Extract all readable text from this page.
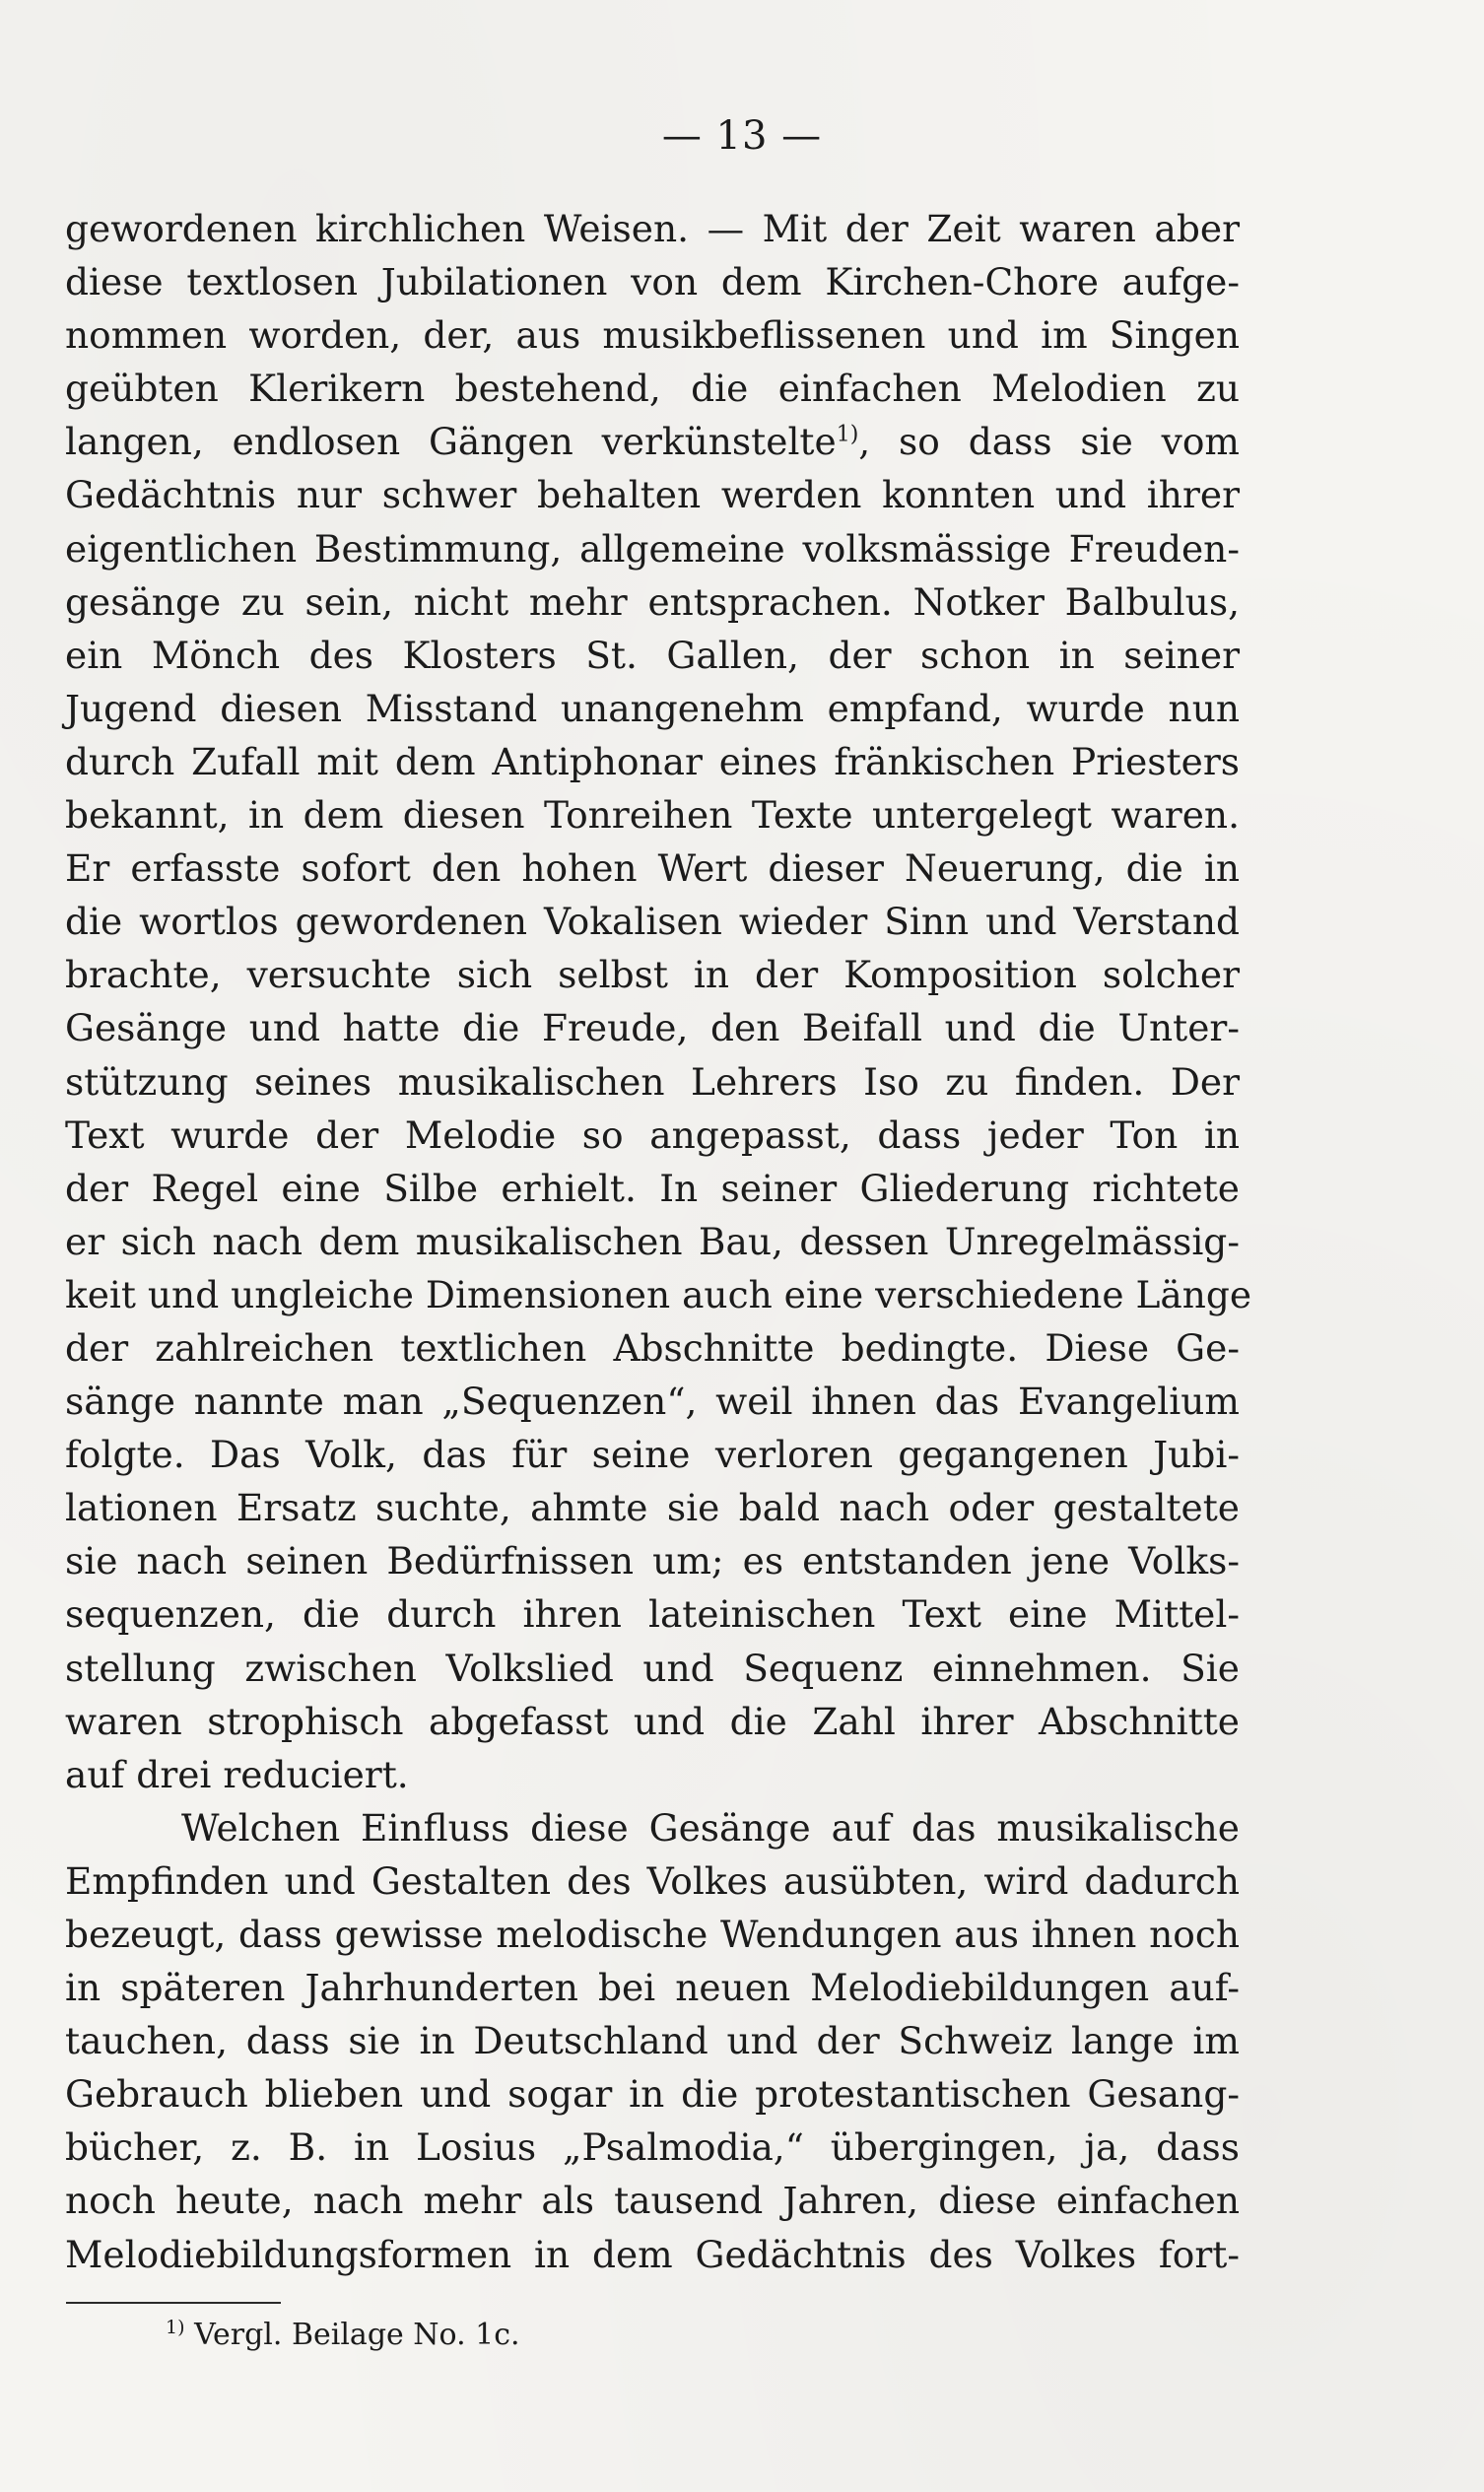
— 13 —
gewordenen kirchlichen Weisen. — Mit der Zeit waren aber
diese textlosen Jubilationen von dem Kirchen-Chore aufge-
nommen worden, der, aus musikbeflissenen und im Singen
geübten Klerikern bestehend, die einfachen Melodien zu
langen, endlosen Gängen verkünstelte$^{1)}$, so dass sie vom
Gedächtnis nur schwer behalten werden konnten und ihrer
eigentlichen Bestimmung, allgemeine volksmässige Freuden-
gesänge zu sein, nicht mehr entsprachen. Notker Balbulus,
ein Mönch des Klosters St. Gallen, der schon in seiner
Jugend diesen Misstand unangenehm empfand, wurde nun
durch Zufall mit dem Antiphonar eines fränkischen Priesters
bekannt, in dem diesen Tonreihen Texte untergelegt waren.
Er erfasste sofort den hohen Wert dieser Neuerung, die in
die wortlos gewordenen Vokalisen wieder Sinn und Verstand
brachte, versuchte sich selbst in der Komposition solcher
Gesänge und hatte die Freude, den Beifall und die Unter-
stützung seines musikalischen Lehrers Iso zu finden. Der
Text wurde der Melodie so angepasst, dass jeder Ton in
der Regel eine Silbe erhielt. In seiner Gliederung richtete
er sich nach dem musikalischen Bau, dessen Unregelmässig-
keit und ungleiche Dimensionen auch eine verschiedene Länge
der zahlreichen textlichen Abschnitte bedingte. Diese Ge-
sänge nannte man „Sequenzen“, weil ihnen das Evangelium
folgte. Das Volk, das für seine verloren gegangenen Jubi-
lationen Ersatz suchte, ahmte sie bald nach oder gestaltete
sie nach seinen Bedürfnissen um; es entstanden jene Volks-
sequenzen, die durch ihren lateinischen Text eine Mittel-
stellung zwischen Volkslied und Sequenz einnehmen. Sie
waren strophisch abgefasst und die Zahl ihrer Abschnitte
auf drei reduciert.
Welchen Einfluss diese Gesänge auf das musikalische
Empfinden und Gestalten des Volkes ausübten, wird dadurch
bezeugt, dass gewisse melodische Wendungen aus ihnen noch
in späteren Jahrhunderten bei neuen Melodiebildungen auf-
tauchen, dass sie in Deutschland und der Schweiz lange im
Gebrauch blieben und sogar in die protestantischen Gesang-
bücher, z. B. in Losius „Psalmodia,“ übergingen, ja, dass
noch heute, nach mehr als tausend Jahren, diese einfachen
Melodiebildungsformen in dem Gedächtnis des Volkes fort-
$^{1)}$ Vergl. Beilage No. 1c.
